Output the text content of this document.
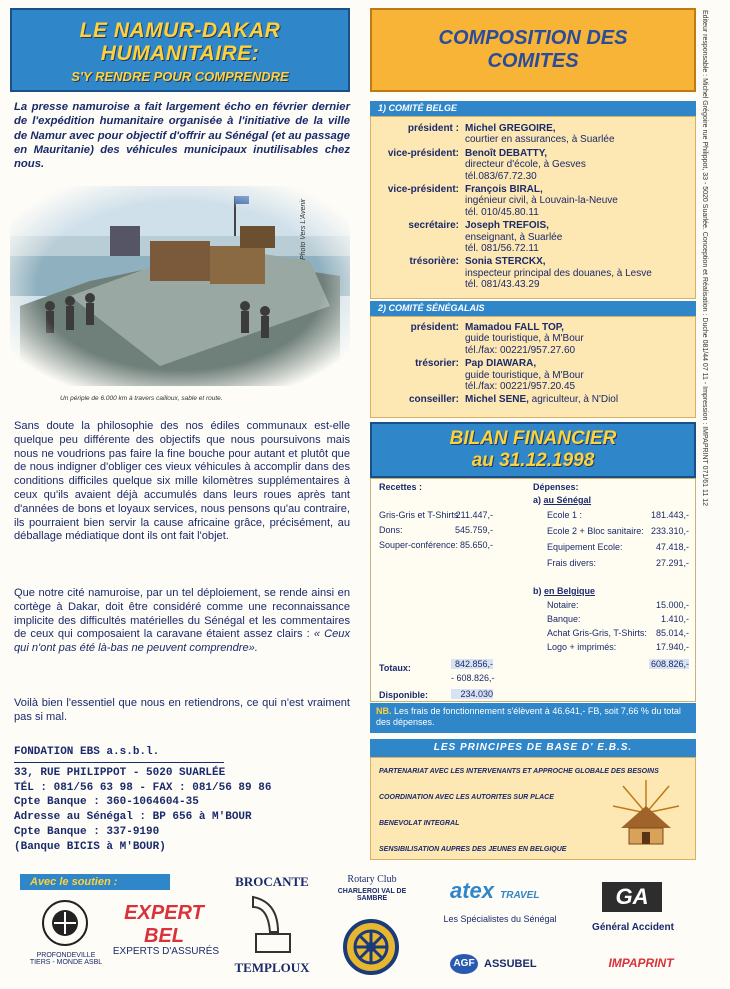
LE NAMUR-DAKAR
HUMANITAIRE:
S'Y RENDRE POUR COMPRENDRE
La presse namuroise a fait largement écho en février dernier de l'expédition humanitaire organisée à l'initiative de la ville de Namur avec pour objectif d'offrir au Sénégal (et au passage en Mauritanie) des véhicules municipaux inutilisables chez nous.
Un périple de 6.000 km à travers cailloux, sable et route.
Photo Vers L'Avenir
Sans doute la philosophie des nos édiles communaux est-elle quelque peu différente des objectifs que nous poursuivons mais nous ne voudrions pas faire la fine bouche pour autant et plutôt que de nous indigner d'obliger ces vieux véhicules à accomplir dans des conditions difficiles quelque six mille kilomètres supplémentaires à ceux qu'ils avaient déjà accumulés dans leurs roues après tant d'années de bons et loyaux services, nous pensons qu'au contraire, ils pourraient bien servir la cause africaine grâce, précisément, au déballage médiatique dont ils ont fait l'objet.
Que notre cité namuroise, par un tel déploiement, se rende ainsi en cortège à Dakar, doit être considéré comme une reconnaissance implicite des difficultés matérielles du Sénégal et les commentaires de ceux qui composaient la caravane étaient assez clairs : « Ceux qui n'ont pas été là-bas ne peuvent comprendre».
Voilà bien l'essentiel que nous en retiendrons, ce qui n'est vraiment pas si mal.
FONDATION EBS a.s.b.l.
33, RUE PHILIPPOT - 5020 SUARLÉE
TÉL : 081/56 63 98 - FAX : 081/56 89 86
Cpte Banque : 360-1064604-35
Adresse au Sénégal : BP 656 à M'BOUR
Cpte Banque : 337-9190
(Banque BICIS à M'BOUR)
COMPOSITION DES
COMITES
1) COMITÉ BELGE
président : Michel GREGOIRE,
courtier en assurances, à Suarlée
vice-président: Benoît DEBATTY,
directeur d'école, à Gesves
tél.083/67.72.30
vice-président: François BIRAL,
ingénieur civil, à Louvain-la-Neuve
tél. 010/45.80.11
secrétaire: Joseph TREFOIS,
enseignant, à Suarlée
tél. 081/56.72.11
trésorière: Sonia STERCKX,
inspecteur principal des douanes, à Lesve
tél. 081/43.43.29
2) COMITÉ SÉNÉGALAIS
président: Mamadou FALL TOP,
guide touristique, à M'Bour
tél./fax: 00221/957.27.60
trésorier: Pap DIAWARA,
guide touristique, à M'Bour
tél./fax: 00221/957.20.45
conseiller: Michel SENE, agriculteur, à N'Diol
BILAN FINANCIER
au 31.12.1998
Recettes :	Dépenses:
Gris-Gris et T-Shirts:
211.447,-
Dons:	545.759,-
Souper-conférence: 85.650,-
a) au Sénégal
Ecole 1 :	181.443,-
Ecole 2 + Bloc sanitaire: 233.310,-
Equipement Ecole:	47.418,-
Frais divers:	27.291,-
b) en Belgique
Notaire:	15.000,-
Banque:	1.410,-
Achat Gris-Gris, T-Shirts:	85.014,-
Logo + imprimés:	17.940,-
Totaux:	842.856,-
- 608.826,-
608.826,-
Disponible:	234.030
NB. Les frais de fonctionnement s'élèvent à 46.641,- FB, soit 7,66 % du total des dépenses.
LES PRINCIPES DE BASE D' E.B.S.
PARTENARIAT AVEC LES INTERVENANTS ET APPROCHE GLOBALE DES BESOINS
COORDINATION AVEC LES AUTORITES SUR PLACE
BENEVOLAT INTEGRAL
SENSIBILISATION AUPRES DES JEUNES EN BELGIQUE
Editeur responsable : Michel Grégoire rue Philippot, 33 - 5020 Suarlée. Conception et Réalisation : Duche 081/44 07 11 - Impression : IMPAPRINT 071/61 11 12
Avec le soutien :
PROFONDEVILLE TIERS - MONDE ASBL
EXPERT BEL
EXPERTS D'ASSURÉS
BROCANTE
TEMPLOUX
Rotary Club
CHARLEROI VAL DE SAMBRE	atex TRAVEL
Les Spécialistes du Sénégal
AGF ASSUBEL
GA
Général Accident
IMPAPRINT
